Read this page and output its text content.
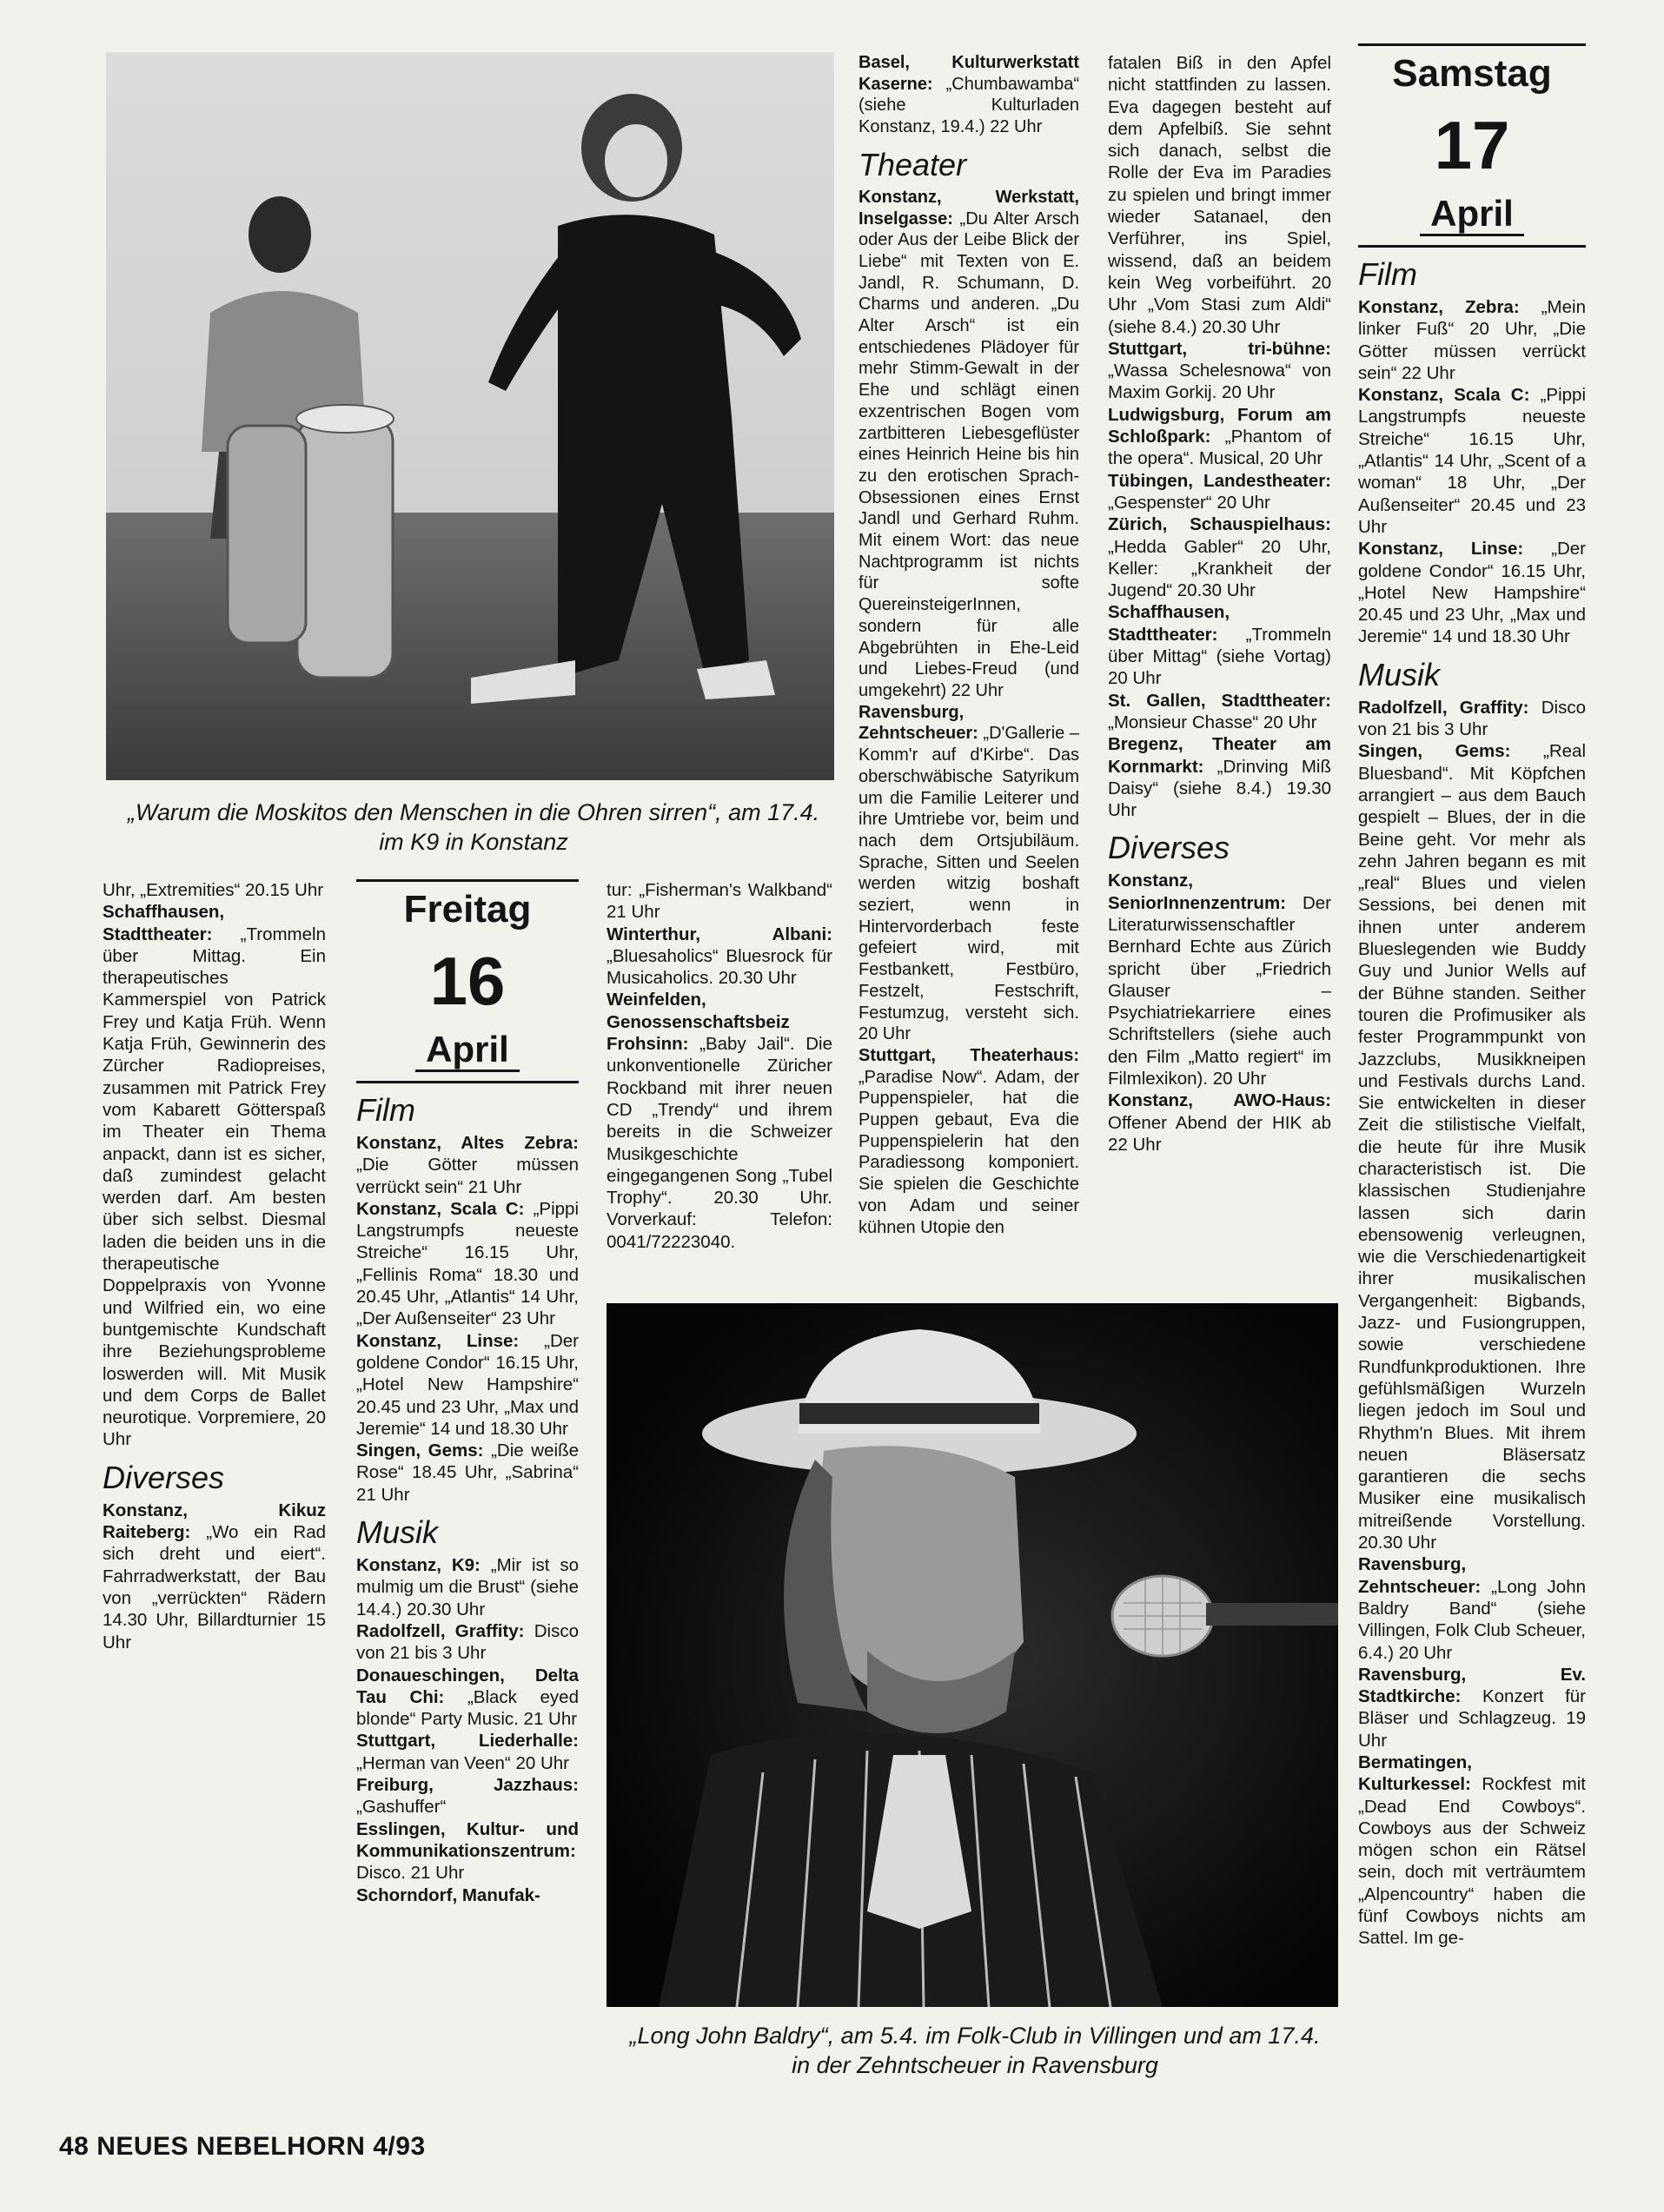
„Warum die Moskitos den Menschen in die Ohren sirren“, am 17.4. im K9 in Konstanz

Uhr, „Extremities“ 20.15 Uhr

Schaffhausen, Stadttheater: „Trommeln über Mittag. Ein therapeutisches Kammerspiel von Patrick Frey und Katja Früh. Wenn Katja Früh, Gewinnerin des Zürcher Radiopreises, zusammen mit Patrick Frey vom Kabarett Götterspaß im Theater ein Thema anpackt, dann ist es sicher, daß zumindest gelacht werden darf. Am besten über sich selbst. Diesmal laden die beiden uns in die therapeutische Doppelpraxis von Yvonne und Wilfried ein, wo eine buntgemischte Kundschaft ihre Beziehungsprobleme loswerden will. Mit Musik und dem Corps de Ballet neurotique. Vorpremiere, 20 Uhr

Diverses

Konstanz, Kikuz Raiteberg: „Wo ein Rad sich dreht und eiert“. Fahrradwerkstatt, der Bau von „verrückten“ Rädern 14.30 Uhr, Billardturnier 15 Uhr

Freitag
16
April
Film

Konstanz, Altes Zebra: „Die Götter müssen verrückt sein“ 21 Uhr

Konstanz, Scala C: „Pippi Langstrumpfs neueste Streiche“ 16.15 Uhr, „Fellinis Roma“ 18.30 und 20.45 Uhr, „Atlantis“ 14 Uhr, „Der Außenseiter“ 23 Uhr

Konstanz, Linse: „Der goldene Condor“ 16.15 Uhr, „Hotel New Hampshire“ 20.45 und 23 Uhr, „Max und Jeremie“ 14 und 18.30 Uhr

Singen, Gems: „Die weiße Rose“ 18.45 Uhr, „Sabrina“ 21 Uhr

Musik

Konstanz, K9: „Mir ist so mulmig um die Brust“ (siehe 14.4.) 20.30 Uhr

Radolfzell, Graffity: Disco von 21 bis 3 Uhr

Donaueschingen, Delta Tau Chi: „Black eyed blonde“ Party Music. 21 Uhr

Stuttgart, Liederhalle: „Herman van Veen“ 20 Uhr

Freiburg, Jazzhaus: „Gashuffer“

Esslingen, Kultur- und Kommunikationszentrum: Disco. 21 Uhr

Schorndorf, Manufak-

tur: „Fisherman's Walkband“ 21 Uhr

Winterthur, Albani: „Bluesaholics“ Bluesrock für Musicaholics. 20.30 Uhr

Weinfelden, Genossenschaftsbeiz Frohsinn: „Baby Jail“. Die unkonventionelle Züricher Rockband mit ihrer neuen CD „Trendy“ und ihrem bereits in die Schweizer Musikgeschichte eingegangenen Song „Tubel Trophy“. 20.30 Uhr. Vorverkauf: Telefon: 0041/72223040.

Basel, Kulturwerkstatt Kaserne: „Chumbawamba“ (siehe Kulturladen Konstanz, 19.4.) 22 Uhr

Theater

Konstanz, Werkstatt, Inselgasse: „Du Alter Arsch oder Aus der Leibe Blick der Liebe“ mit Texten von E. Jandl, R. Schumann, D. Charms und anderen. „Du Alter Arsch“ ist ein entschiedenes Plädoyer für mehr Stimm-Gewalt in der Ehe und schlägt einen exzentrischen Bogen vom zartbitteren Liebesgeflüster eines Heinrich Heine bis hin zu den erotischen Sprach-Obsessionen eines Ernst Jandl und Gerhard Ruhm. Mit einem Wort: das neue Nachtprogramm ist nichts für softe QuereinsteigerInnen, sondern für alle Abgebrühten in Ehe-Leid und Liebes-Freud (und umgekehrt) 22 Uhr

Ravensburg, Zehntscheuer: „D'Gallerie – Komm'r auf d'Kirbe“. Das oberschwäbische Satyrikum um die Familie Leiterer und ihre Umtriebe vor, beim und nach dem Ortsjubiläum. Sprache, Sitten und Seelen werden witzig boshaft seziert, wenn in Hintervorderbach feste gefeiert wird, mit Festbankett, Festbüro, Festzelt, Festschrift, Festumzug, versteht sich. 20 Uhr

Stuttgart, Theaterhaus: „Paradise Now“. Adam, der Puppenspieler, hat die Puppen gebaut, Eva die Puppenspielerin hat den Paradiessong komponiert. Sie spielen die Geschichte von Adam und seiner kühnen Utopie den

fatalen Biß in den Apfel nicht stattfinden zu lassen. Eva dagegen besteht auf dem Apfelbiß. Sie sehnt sich danach, selbst die Rolle der Eva im Paradies zu spielen und bringt immer wieder Satanael, den Verführer, ins Spiel, wissend, daß an beidem kein Weg vorbeiführt. 20 Uhr „Vom Stasi zum Aldi“ (siehe 8.4.) 20.30 Uhr

Stuttgart, tri-bühne: „Wassa Schelesnowa“ von Maxim Gorkij. 20 Uhr

Ludwigsburg, Forum am Schloßpark: „Phantom of the opera“. Musical, 20 Uhr

Tübingen, Landestheater: „Gespenster“ 20 Uhr

Zürich, Schauspielhaus: „Hedda Gabler“ 20 Uhr, Keller: „Krankheit der Jugend“ 20.30 Uhr

Schaffhausen, Stadttheater: „Trommeln über Mittag“ (siehe Vortag) 20 Uhr

St. Gallen, Stadttheater: „Monsieur Chasse“ 20 Uhr

Bregenz, Theater am Kornmarkt: „Drinving Miß Daisy“ (siehe 8.4.) 19.30 Uhr

Diverses

Konstanz, SeniorInnenzentrum: Der Literaturwissenschaftler Bernhard Echte aus Zürich spricht über „Friedrich Glauser – Psychiatriekarriere eines Schriftstellers (siehe auch den Film „Matto regiert“ im Filmlexikon). 20 Uhr

Konstanz, AWO-Haus: Offener Abend der HIK ab 22 Uhr

Samstag
17
April
Film

Konstanz, Zebra: „Mein linker Fuß“ 20 Uhr, „Die Götter müssen verrückt sein“ 22 Uhr

Konstanz, Scala C: „Pippi Langstrumpfs neueste Streiche“ 16.15 Uhr, „Atlantis“ 14 Uhr, „Scent of a woman“ 18 Uhr, „Der Außenseiter“ 20.45 und 23 Uhr

Konstanz, Linse: „Der goldene Condor“ 16.15 Uhr, „Hotel New Hampshire“ 20.45 und 23 Uhr, „Max und Jeremie“ 14 und 18.30 Uhr

Musik

Radolfzell, Graffity: Disco von 21 bis 3 Uhr

Singen, Gems: „Real Bluesband“. Mit Köpfchen arrangiert – aus dem Bauch gespielt – Blues, der in die Beine geht. Vor mehr als zehn Jahren begann es mit „real“ Blues und vielen Sessions, bei denen mit ihnen unter anderem Blueslegenden wie Buddy Guy und Junior Wells auf der Bühne standen. Seither touren die Profimusiker als fester Programmpunkt von Jazzclubs, Musikkneipen und Festivals durchs Land. Sie entwickelten in dieser Zeit die stilistische Vielfalt, die heute für ihre Musik characteristisch ist. Die klassischen Studienjahre lassen sich darin ebensowenig verleugnen, wie die Verschiedenartigkeit ihrer musikalischen Vergangenheit: Bigbands, Jazz- und Fusiongruppen, sowie verschiedene Rundfunkproduktionen. Ihre gefühlsmäßigen Wurzeln liegen jedoch im Soul und Rhythm'n Blues. Mit ihrem neuen Bläsersatz garantieren die sechs Musiker eine musikalisch mitreißende Vorstellung. 20.30 Uhr

Ravensburg, Zehntscheuer: „Long John Baldry Band“ (siehe Villingen, Folk Club Scheuer, 6.4.) 20 Uhr

Ravensburg, Ev. Stadtkirche: Konzert für Bläser und Schlagzeug. 19 Uhr

Bermatingen, Kulturkessel: Rockfest mit „Dead End Cowboys“. Cowboys aus der Schweiz mögen schon ein Rätsel sein, doch mit verträumtem „Alpencountry“ haben die fünf Cowboys nichts am Sattel. Im ge-

„Long John Baldry“, am 5.4. im Folk-Club in Villingen und am 17.4. in der Zehntscheuer in Ravensburg
48 NEUES NEBELHORN 4/93
